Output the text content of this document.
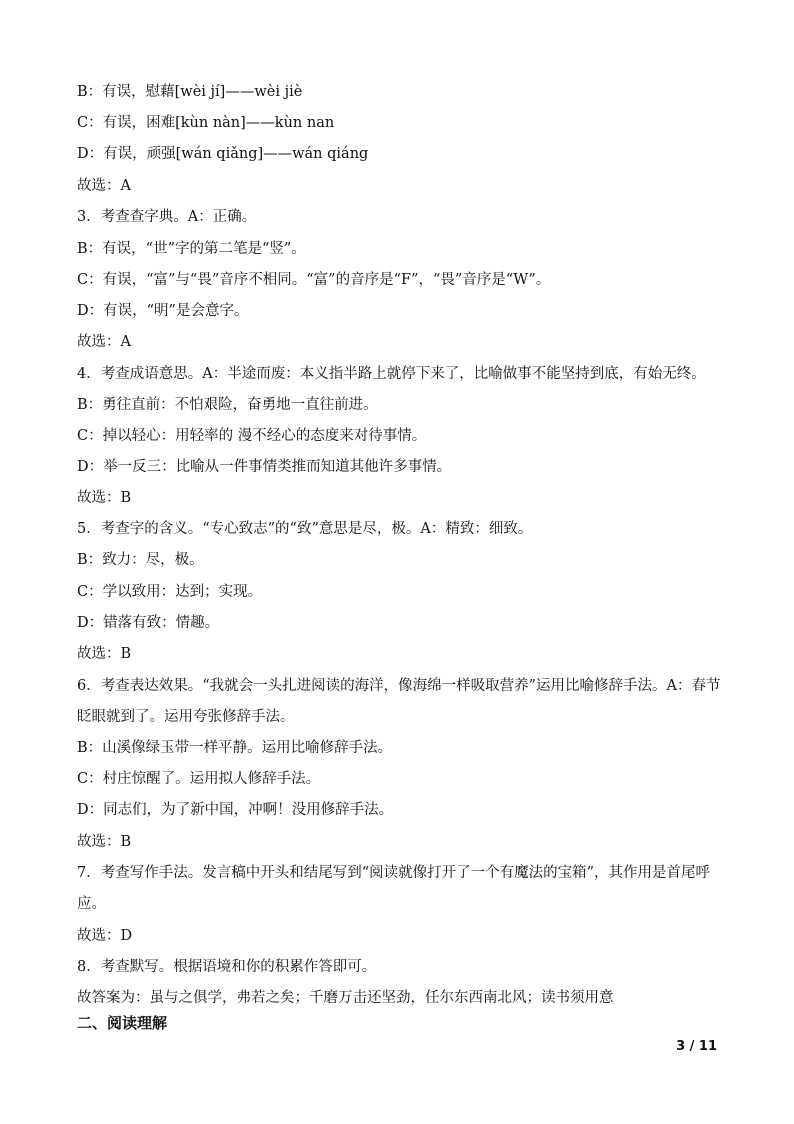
B：有误，慰藉[wèi jí]——wèi jiè
C：有误，困难[kùn nàn]——kùn nan
D：有误，顽强[wán qiǎng]——wán qiáng
故选：A
3．考查查字典。A：正确。
B：有误，“世”字的第二笔是“竖”。
C：有误，“富”与“畏”音序不相同。“富”的音序是“F”，“畏”音序是“W”。
D：有误，“明”是会意字。
故选：A
4．考查成语意思。A：半途而废：本义指半路上就停下来了，比喻做事不能坚持到底，有始无终。
B：勇往直前：不怕艰险，奋勇地一直往前进。
C：掉以轻心：用轻率的 漫不经心的态度来对待事情。
D：举一反三：比喻从一件事情类推而知道其他许多事情。
故选：B
5．考查字的含义。“专心致志”的“致”意思是尽，极。A：精致：细致。
B：致力：尽，极。
C：学以致用：达到；实现。
D：错落有致：情趣。
故选：B
6．考查表达效果。“我就会一头扎进阅读的海洋，像海绵一样吸取营养”运用比喻修辞手法。A：春节
眨眼就到了。运用夸张修辞手法。
B：山溪像绿玉带一样平静。运用比喻修辞手法。
C：村庄惊醒了。运用拟人修辞手法。
D：同志们，为了新中国，冲啊！没用修辞手法。
故选：B
7．考查写作手法。发言稿中开头和结尾写到“阅读就像打开了一个有魔法的宝箱”，其作用是首尾呼
应。
故选：D
8．考查默写。根据语境和你的积累作答即可。
故答案为：虽与之俱学，弗若之矣；千磨万击还坚劲，任尔东西南北风；读书须用意
二、阅读理解
3 / 11
